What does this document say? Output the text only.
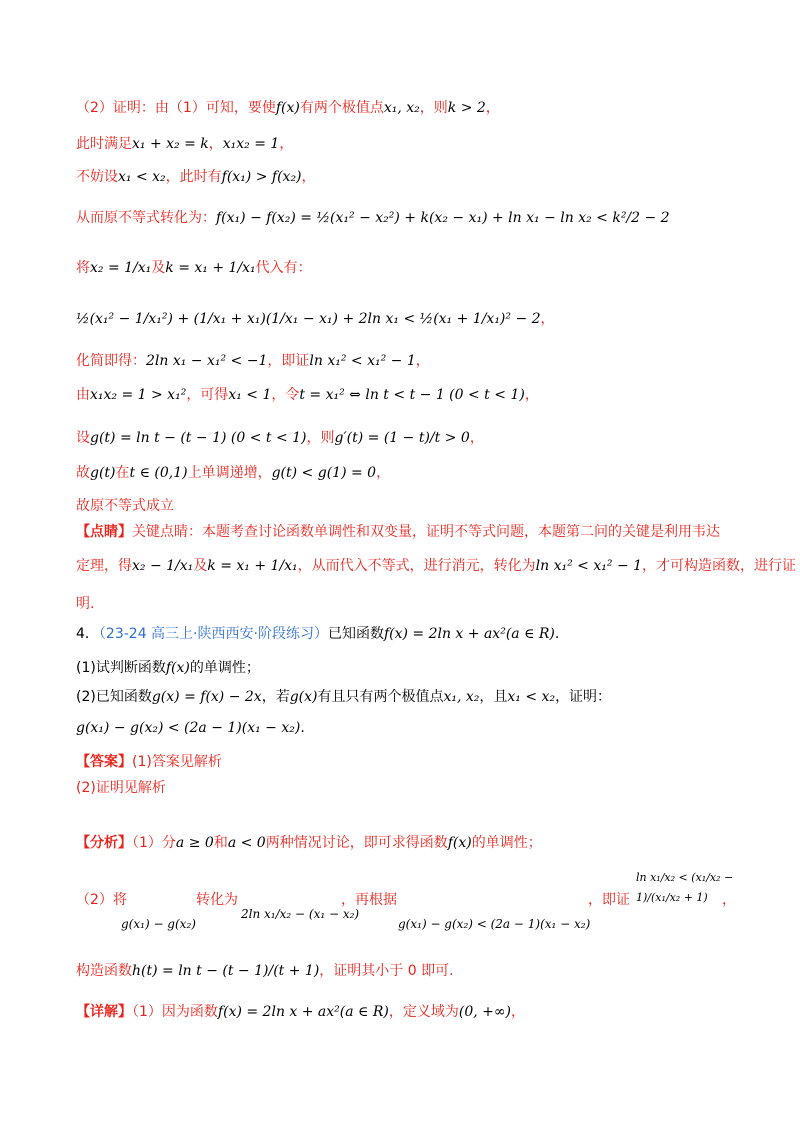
（2）证明：由（1）可知，要使f(x)有两个极值点x₁, x₂，则k > 2，
此时满足x₁ + x₂ = k，x₁x₂ = 1，
不妨设x₁ < x₂，此时有f(x₁) > f(x₂)，
从而原不等式转化为：f(x₁) − f(x₂) = ½(x₁² − x₂²) + k(x₂ − x₁) + ln x₁ − ln x₂ < k²/2 − 2
将x₂ = 1/x₁及k = x₁ + 1/x₁代入有：
½(x₁² − 1/x₁²) + (1/x₁ + x₁)(1/x₁ − x₁) + 2ln x₁ < ½(x₁ + 1/x₁)² − 2，
化简即得：2ln x₁ − x₁² < −1，即证ln x₁² < x₁² − 1，
由x₁x₂ = 1 > x₁²，可得x₁ < 1，令t = x₁² ⇔ ln t < t − 1 (0 < t < 1)，
设g(t) = ln t − (t − 1) (0 < t < 1)，则g′(t) = (1 − t)/t > 0，
故g(t)在t ∈ (0,1)上单调递增，g(t) < g(1) = 0，
故原不等式成立
【点睛】关键点睛：本题考查讨论函数单调性和双变量，证明不等式问题，本题第二问的关键是利用韦达
定理，得x₂ − 1/x₁及k = x₁ + 1/x₁，从而代入不等式，进行消元，转化为ln x₁² < x₁² − 1，才可构造函数，进行证
明.
4．（23-24 高三上·陕西西安·阶段练习）已知函数f(x) = 2ln x + ax²(a ∈ R).
(1)试判断函数f(x)的单调性；
(2)已知函数g(x) = f(x) − 2x，若g(x)有且只有两个极值点x₁, x₂，且x₁ < x₂，证明：
g(x₁) − g(x₂) < (2a − 1)(x₁ − x₂).
【答案】(1)答案见解析
(2)证明见解析
【分析】（1）分a ≥ 0和a < 0两种情况讨论，即可求得函数f(x)的单调性；
（2）将
g(x₁) − g(x₂)
转化为
2ln x₁/x₂ − (x₁ − x₂)
，再根据
g(x₁) − g(x₂) < (2a − 1)(x₁ − x₂)
，即证
ln x₁/x₂ < (x₁/x₂ − 1)/(x₁/x₂ + 1)	，
构造函数h(t) = ln t − (t − 1)/(t + 1)，证明其小于 0 即可.
【详解】（1）因为函数f(x) = 2ln x + ax²(a ∈ R)，定义域为(0, +∞)，
